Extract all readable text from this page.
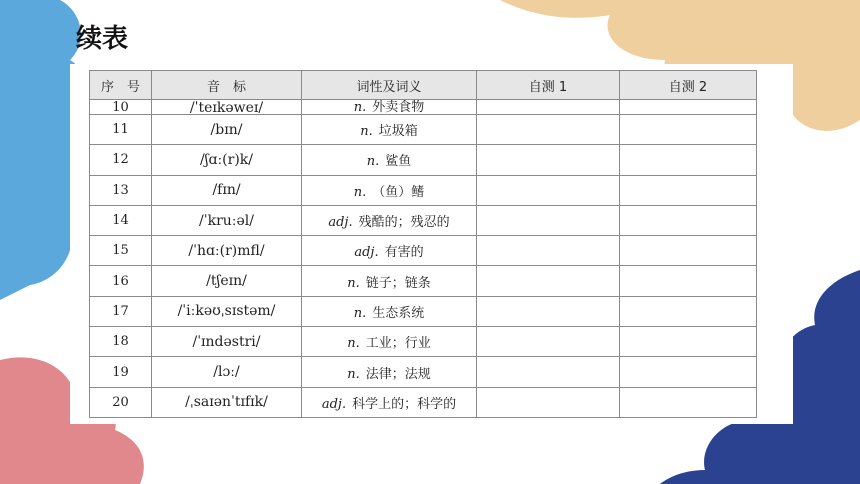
续表
序　号	音　标	词性及词义	自测 1	自测 2
10	/ˈteɪkəweɪ/	n. 外卖食物		
11	/bɪn/	n. 垃圾箱		
12	/ʃɑː(r)k/	n. 鲨鱼		
13	/fɪn/	n. （鱼）鳍		
14	/ˈkruːəl/	adj. 残酷的；残忍的		
15	/ˈhɑː(r)mfl/	adj. 有害的		
16	/tʃeɪn/	n. 链子；链条		
17	/ˈiːkəʊˌsɪstəm/	n. 生态系统		
18	/ˈɪndəstri/	n. 工业；行业		
19	/lɔː/	n. 法律；法规		
20	/ˌsaɪənˈtɪfɪk/	adj. 科学上的；科学的		
